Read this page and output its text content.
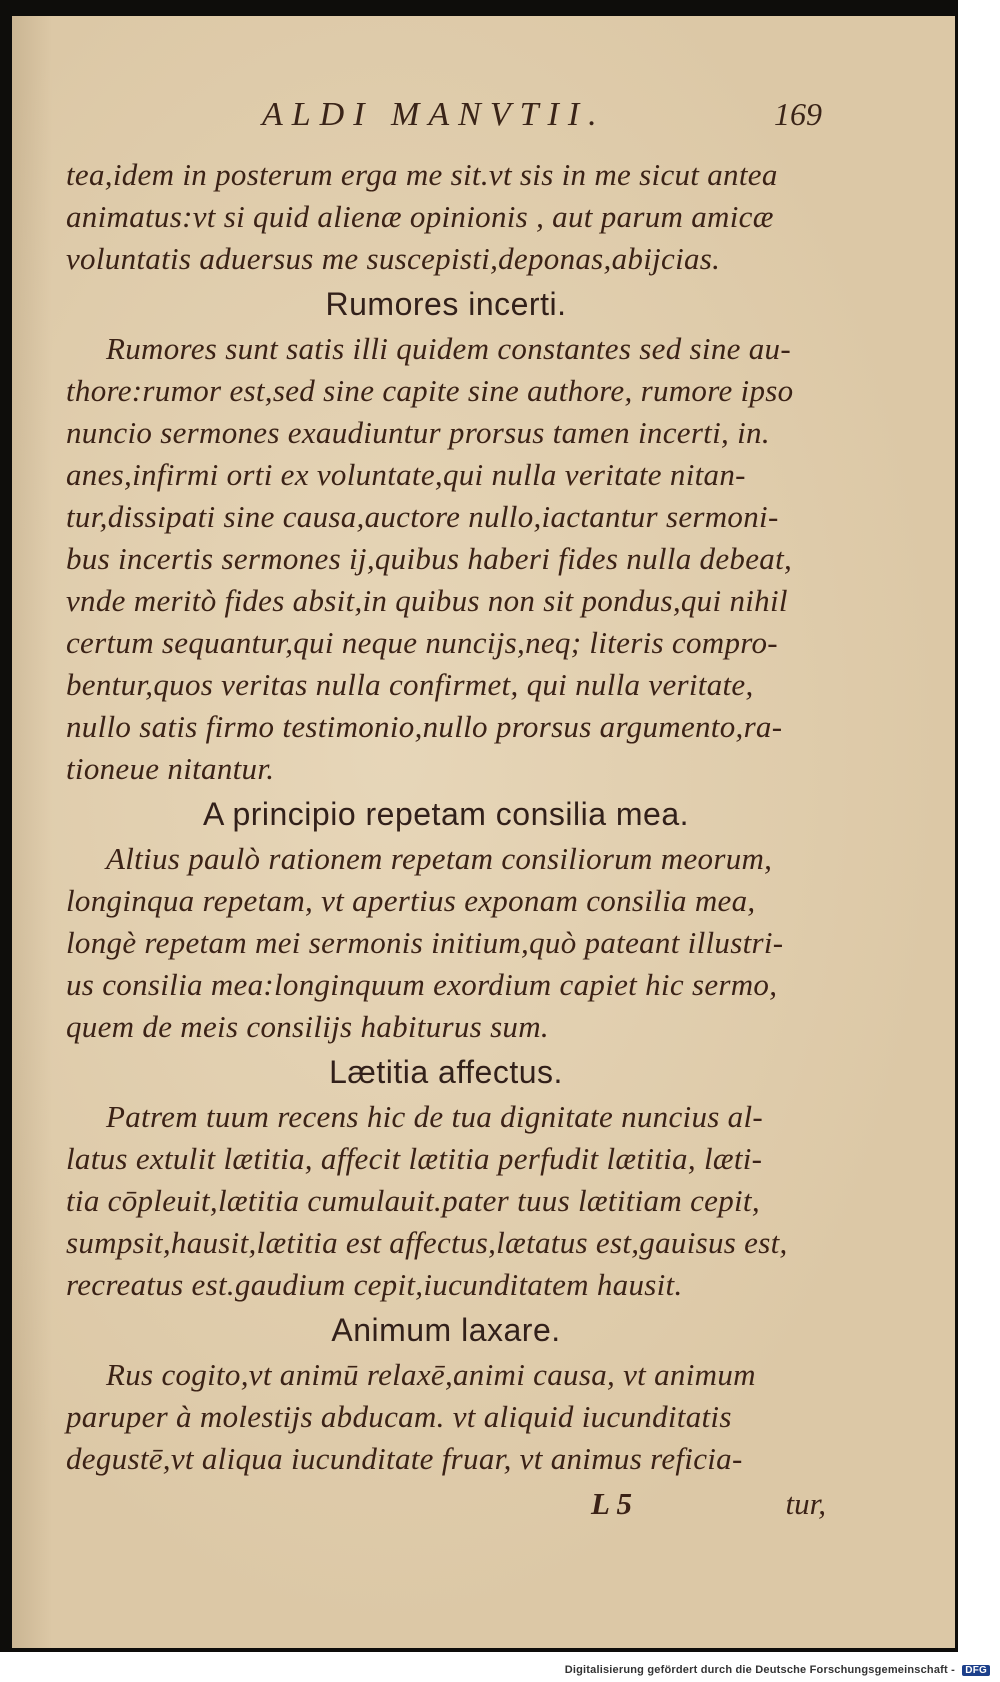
ALDI MANVTII.	169
tea,idem in posterum erga me sit.vt sis in me sicut antea
animatus:vt si quid alienæ opinionis , aut parum amicæ
voluntatis aduersus me suscepisti,deponas,abijcias.
Rumores incerti.
Rumores sunt satis illi quidem constantes sed sine au-
thore:rumor est,sed sine capite sine authore, rumore ipso
nuncio sermones exaudiuntur prorsus tamen incerti, in.
anes,infirmi orti ex voluntate,qui nulla veritate nitan-
tur,dissipati sine causa,auctore nullo,iactantur sermoni-
bus incertis sermones ij,quibus haberi fides nulla debeat,
vnde meritò fides absit,in quibus non sit pondus,qui nihil
certum sequantur,qui neque nuncijs,neq; literis compro-
bentur,quos veritas nulla confirmet, qui nulla veritate,
nullo satis firmo testimonio,nullo prorsus argumento,ra-
tioneue nitantur.
A principio repetam consilia mea.
Altius paulò rationem repetam consiliorum meorum,
longinqua repetam, vt apertius exponam consilia mea,
longè repetam mei sermonis initium,quò pateant illustri-
us consilia mea:longinquum exordium capiet hic sermo,
quem de meis consilijs habiturus sum.
Lætitia affectus.
Patrem tuum recens hic de tua dignitate nuncius al-
latus extulit lætitia, affecit lætitia perfudit lætitia, læti-
tia cōpleuit,lætitia cumulauit.pater tuus lætitiam cepit,
sumpsit,hausit,lætitia est affectus,lætatus est,gauisus est,
recreatus est.gaudium cepit,iucunditatem hausit.
Animum laxare.
Rus cogito,vt animū relaxē,animi causa, vt animum
paruper à molestijs abducam. vt aliquid iucunditatis
degustē,vt aliqua iucunditate fruar, vt animus reficia-
L 5	tur,
Digitalisierung gefördert durch die Deutsche Forschungsgemeinschaft - DFG
